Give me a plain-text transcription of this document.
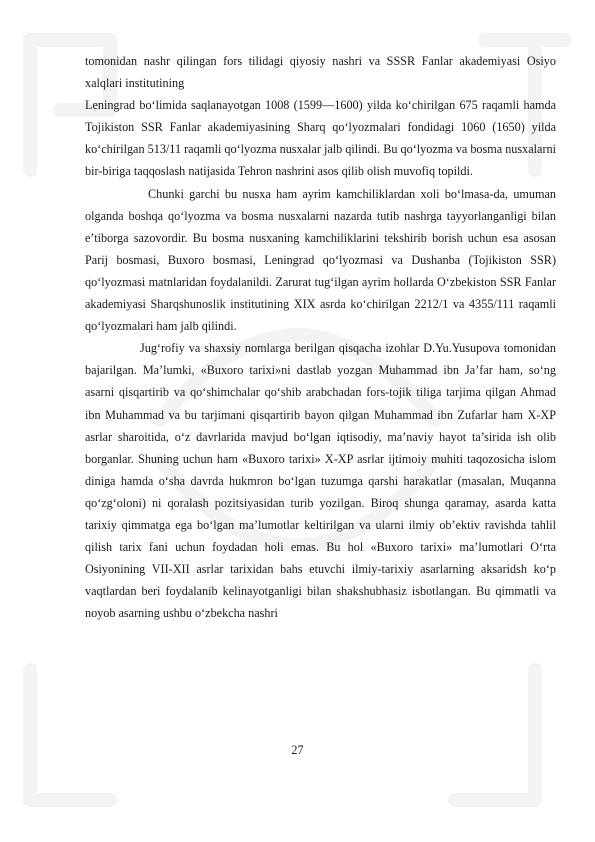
tomonidan nashr qilingan fors tilidagi qiyosiy nashri va SSSR Fanlar akademiyasi Osiyo xalqlari institutining

Leningrad bo‘limida saqlanayotgan 1008 (1599—1600) yilda ko‘chirilgan 675 raqamli hamda Tojikiston SSR Fanlar akademiyasining Sharq qo‘lyozmalari fondidagi 1060 (1650) yilda ko‘chirilgan 513/11 raqamli qo‘lyozma nusxalar jalb qilindi. Bu qo‘lyozma va bosma nusxalarni bir-biriga taqqoslash natijasida Tehron nashrini asos qilib olish muvofiq topildi.

Chunki garchi bu nusxa ham ayrim kamchiliklardan xoli bo‘lmasa-da, umuman olganda boshqa qo‘lyozma va bosma nusxalarni nazarda tutib nashrga tayyorlanganligi bilan e’tiborga sazovordir. Bu bosma nusxaning kamchiliklarini tekshirib borish uchun esa asosan Parij bosmasi, Buxoro bosmasi, Leningrad qo‘lyozmasi va Dushanba (Tojikiston SSR) qo‘lyozmasi matnlaridan foydalanildi. Zarurat tug‘ilgan ayrim hollarda O‘zbekiston SSR Fanlar akademiyasi Sharqshunoslik institutining XIX asrda ko‘chirilgan 2212/1 va 4355/111 raqamli qo‘lyozmalari ham jalb qilindi.

Jug‘rofiy va shaxsiy nomlarga berilgan qisqacha izohlar D.Yu.Yusupova tomonidan bajarilgan. Ma’lumki, «Buxoro tarixi»ni dastlab yozgan Muhammad ibn Ja’far ham, so‘ng asarni qisqartirib va qo‘shimchalar qo‘shib arabchadan fors-tojik tiliga tarjima qilgan Ahmad ibn Muhammad va bu tarjimani qisqartirib bayon qilgan Muhammad ibn Zufarlar ham X-XP asrlar sharoitida, o‘z davrlarida mavjud bo‘lgan iqtisodiy, ma’naviy hayot ta’sirida ish olib borganlar. Shuning uchun ham «Buxoro tarixi» X-XP asrlar ijtimoiy muhiti taqozosicha islom diniga hamda o‘sha davrda hukmron bo‘lgan tuzumga qarshi harakatlar (masalan, Muqanna qo‘zg‘oloni) ni qoralash pozitsiyasidan turib yozilgan. Biroq shunga qaramay, asarda katta tarixiy qimmatga ega bo‘lgan ma’lumotlar keltirilgan va ularni ilmiy ob’ektiv ravishda tahlil qilish tarix fani uchun foydadan holi emas. Bu hol «Buxoro tarixi» ma’lumotlari O‘rta Osiyonining VII-XII asrlar tarixidan bahs etuvchi ilmiy-tarixiy asarlarning aksaridsh ko‘p vaqtlardan beri foydalanib kelinayotganligi bilan shakshubhasiz isbotlangan. Bu qimmatli va noyob asarning ushbu o‘zbekcha nashri

27
